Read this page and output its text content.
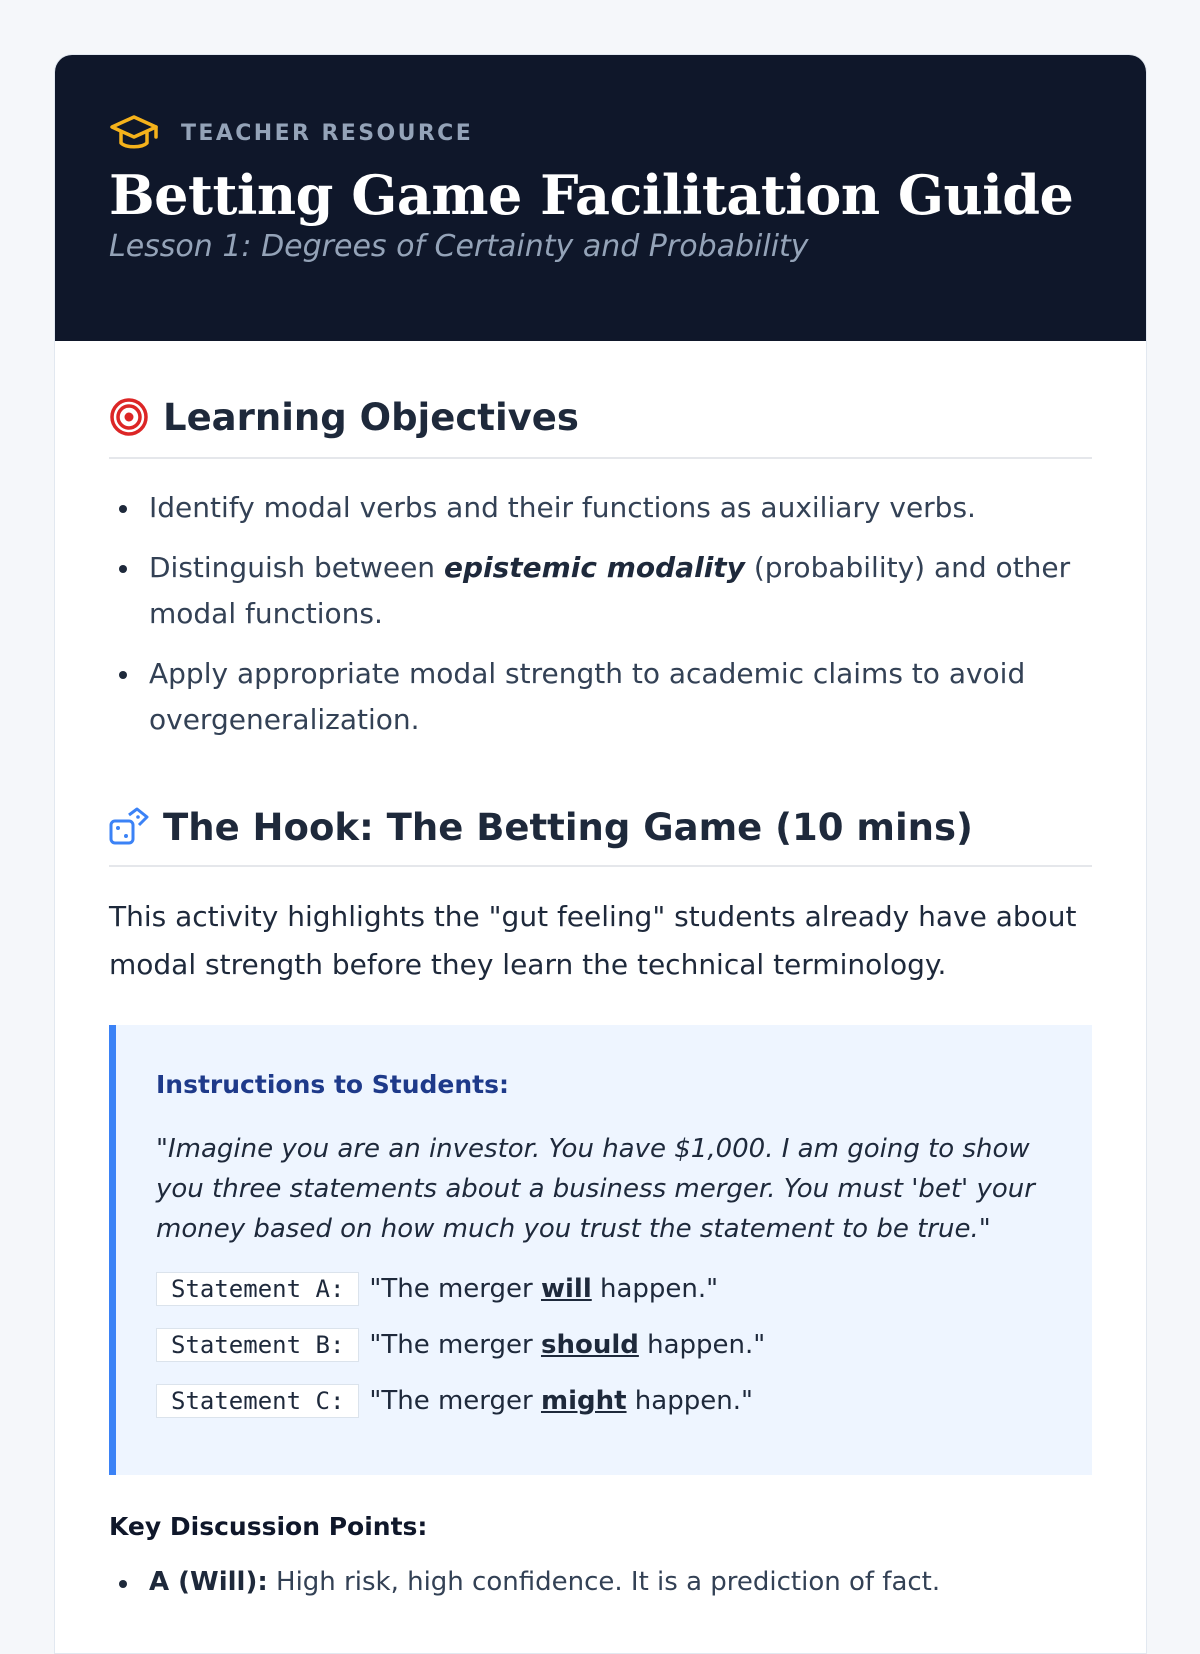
TEACHER RESOURCE
Betting Game Facilitation Guide
Lesson 1: Degrees of Certainty and Probability
Learning Objectives
Identify modal verbs and their functions as auxiliary verbs.
Distinguish between epistemic modality (probability) and other modal functions.
Apply appropriate modal strength to academic claims to avoid overgeneralization.
The Hook: The Betting Game (10 mins)

This activity highlights the "gut feeling" students already have about modal strength before they learn the technical terminology.

Instructions to Students:

"Imagine you are an investor. You have $1,000. I am going to show you three statements about a business merger. You must 'bet' your money based on how much you trust the statement to be true."

Statement A: "The merger will happen."
Statement B: "The merger should happen."
Statement C: "The merger might happen."
Key Discussion Points:
A (Will): High risk, high confidence. It is a prediction of fact.
